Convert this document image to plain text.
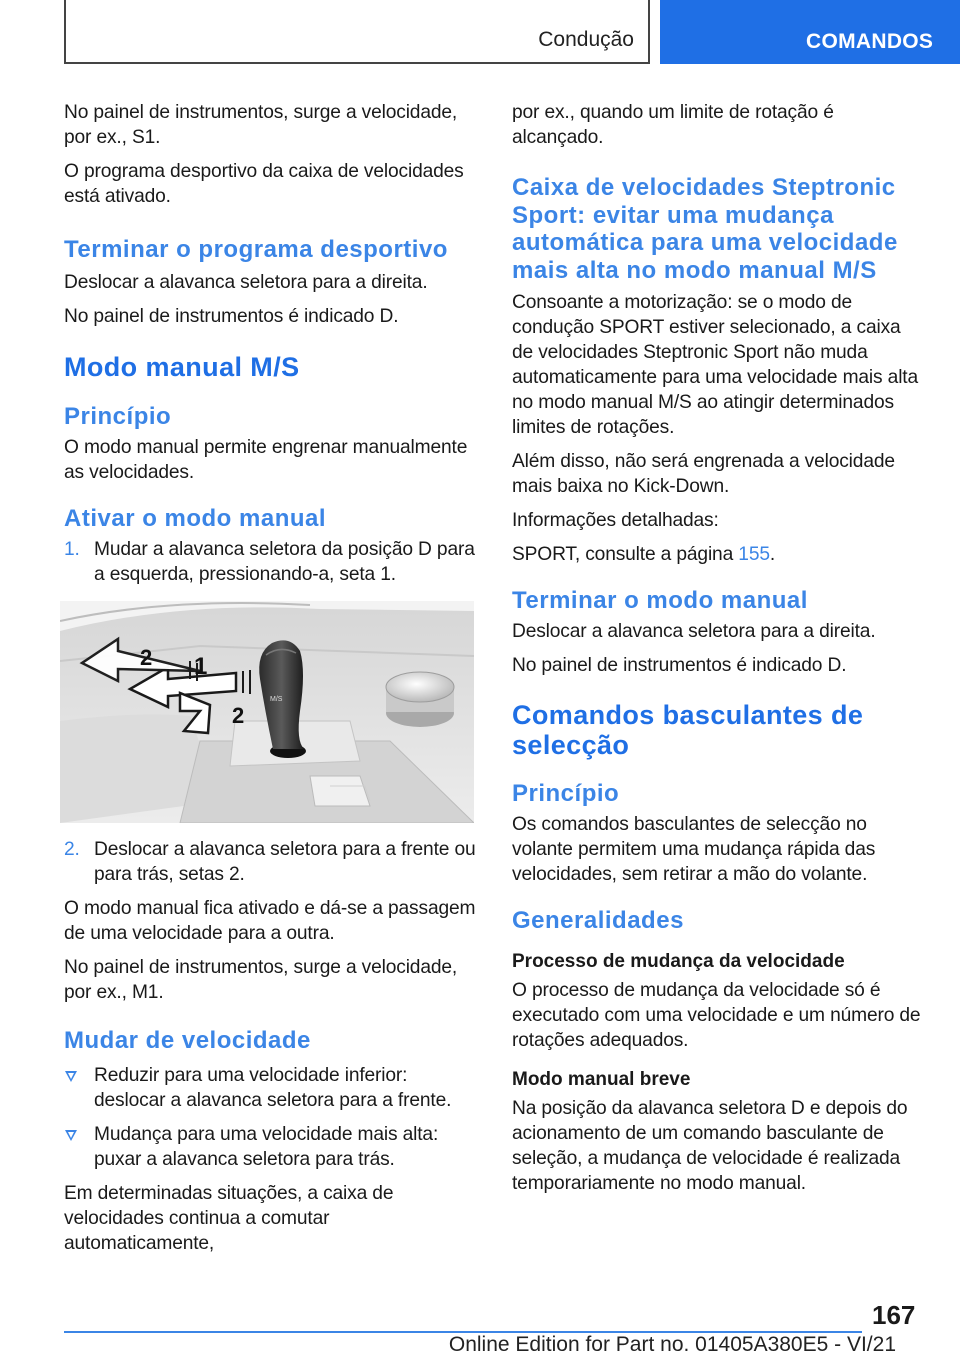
Condução	COMANDOS

No painel de instrumentos, surge a velocidade, por ex., S1.

O programa desportivo da caixa de velocidades está ativado.

Terminar o programa desportivo

Deslocar a alavanca seletora para a direita.

No painel de instrumentos é indicado D.

Modo manual M/S
Princípio

O modo manual permite engrenar manualmente as velocidades.

Ativar o modo manual
1. Mudar a alavanca seletora da posição D para a esquerda, pressionando-a, seta 1.
M/S
1
2
2
2. Deslocar a alavanca seletora para a frente ou para trás, setas 2.

O modo manual fica ativado e dá-se a passagem de uma velocidade para a outra.

No painel de instrumentos, surge a velocidade, por ex., M1.

Mudar de velocidade
Reduzir para uma velocidade inferior: deslocar a alavanca seletora para a frente.
Mudança para uma velocidade mais alta: puxar a alavanca seletora para trás.

Em determinadas situações, a caixa de velocidades continua a comutar automaticamente,

por ex., quando um limite de rotação é alcançado.

Caixa de velocidades Steptronic Sport: evitar uma mudança automática para uma velocidade mais alta no modo manual M/S

Consoante a motorização: se o modo de condução SPORT estiver selecionado, a caixa de velocidades Steptronic Sport não muda automaticamente para uma velocidade mais alta no modo manual M/S ao atingir determinados limites de rotações.

Além disso, não será engrenada a velocidade mais baixa no Kick-Down.

Informações detalhadas:

SPORT, consulte a página 155.

Terminar o modo manual

Deslocar a alavanca seletora para a direita.

No painel de instrumentos é indicado D.

Comandos basculantes de selecção
Princípio

Os comandos basculantes de selecção no volante permitem uma mudança rápida das velocidades, sem retirar a mão do volante.

Generalidades
Processo de mudança da velocidade

O processo de mudança da velocidade só é executado com uma velocidade e um número de rotações adequados.

Modo manual breve

Na posição da alavanca seletora D e depois do acionamento de um comando basculante de seleção, a mudança de velocidade é realizada temporariamente no modo manual.

167
Online Edition for Part no. 01405A380E5 - VI/21
